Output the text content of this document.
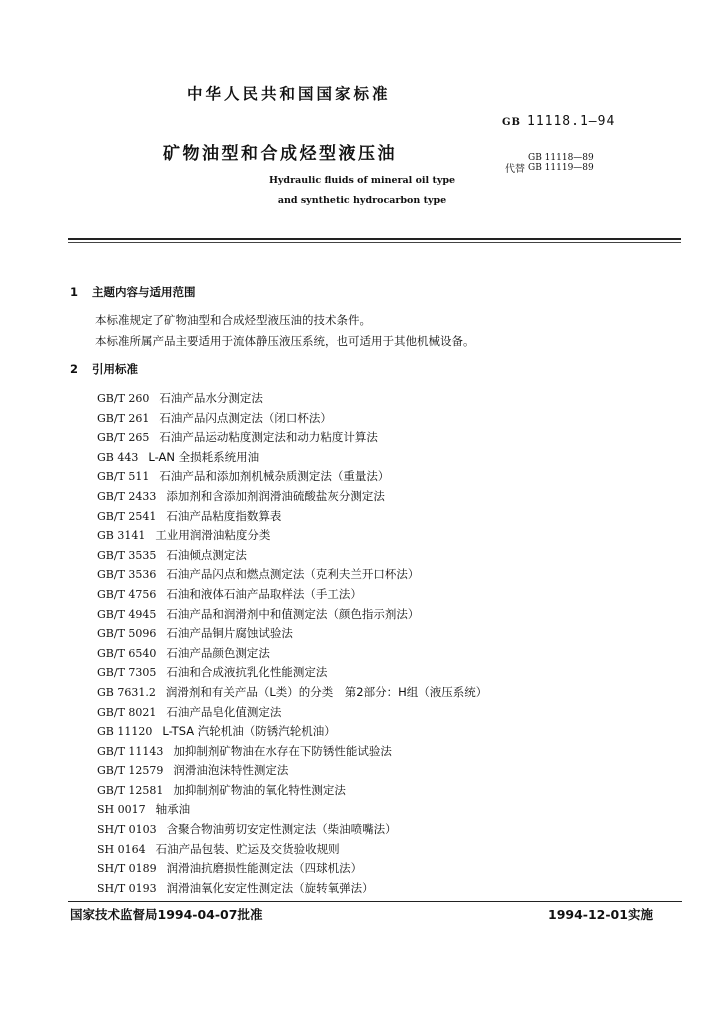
中华人民共和国国家标准
GB 11118.1—94
矿物油型和合成烃型液压油
代替
GB 11118—89
GB 11119—89
Hydraulic fluids of mineral oil type
and synthetic hydrocarbon type
1 主题内容与适用范围
本标准规定了矿物油型和合成烃型液压油的技术条件。
本标准所属产品主要适用于流体静压液压系统，也可适用于其他机械设备。
2 引用标准
GB/T 260 石油产品水分测定法
GB/T 261 石油产品闪点测定法（闭口杯法）
GB/T 265 石油产品运动粘度测定法和动力粘度计算法
GB 443 L-AN 全损耗系统用油
GB/T 511 石油产品和添加剂机械杂质测定法（重量法）
GB/T 2433 添加剂和含添加剂润滑油硫酸盐灰分测定法
GB/T 2541 石油产品粘度指数算表
GB 3141 工业用润滑油粘度分类
GB/T 3535 石油倾点测定法
GB/T 3536 石油产品闪点和燃点测定法（克利夫兰开口杯法）
GB/T 4756 石油和液体石油产品取样法（手工法）
GB/T 4945 石油产品和润滑剂中和值测定法（颜色指示剂法）
GB/T 5096 石油产品铜片腐蚀试验法
GB/T 6540 石油产品颜色测定法
GB/T 7305 石油和合成液抗乳化性能测定法
GB 7631.2 润滑剂和有关产品（L类）的分类　第2部分：H组（液压系统）
GB/T 8021 石油产品皂化值测定法
GB 11120 L-TSA 汽轮机油（防锈汽轮机油）
GB/T 11143 加抑制剂矿物油在水存在下防锈性能试验法
GB/T 12579 润滑油泡沫特性测定法
GB/T 12581 加抑制剂矿物油的氧化特性测定法
SH 0017 轴承油
SH/T 0103 含聚合物油剪切安定性测定法（柴油喷嘴法）
SH 0164 石油产品包装、贮运及交货验收规则
SH/T 0189 润滑油抗磨损性能测定法（四球机法）
SH/T 0193 润滑油氧化安定性测定法（旋转氧弹法）
国家技术监督局1994-04-07批准	1994-12-01实施
